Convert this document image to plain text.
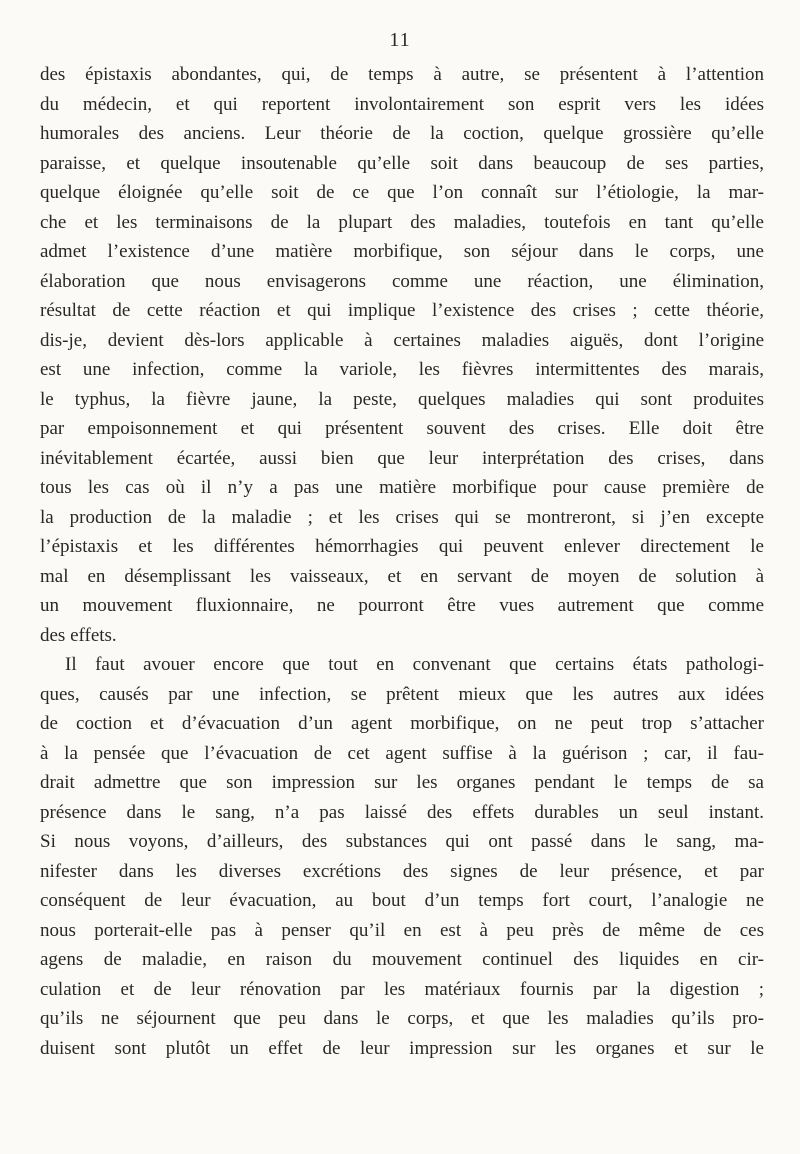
11
des épistaxis abondantes, qui, de temps à autre, se présentent à l’attention
du médecin, et qui reportent involontairement son esprit vers les idées
humorales des anciens. Leur théorie de la coction, quelque grossière qu’elle
paraisse, et quelque insoutenable qu’elle soit dans beaucoup de ses parties,
quelque éloignée qu’elle soit de ce que l’on connaît sur l’étiologie, la mar-
che et les terminaisons de la plupart des maladies, toutefois en tant qu’elle
admet l’existence d’une matière morbifique, son séjour dans le corps, une
élaboration que nous envisagerons comme une réaction, une élimination,
résultat de cette réaction et qui implique l’existence des crises ; cette théorie,
dis-je, devient dès-lors applicable à certaines maladies aiguës, dont l’origine
est une infection, comme la variole, les fièvres intermittentes des marais,
le typhus, la fièvre jaune, la peste, quelques maladies qui sont produites
par empoisonnement et qui présentent souvent des crises. Elle doit être
inévitablement écartée, aussi bien que leur interprétation des crises, dans
tous les cas où il n’y a pas une matière morbifique pour cause première de
la production de la maladie ; et les crises qui se montreront, si j’en excepte
l’épistaxis et les différentes hémorrhagies qui peuvent enlever directement le
mal en désemplissant les vaisseaux, et en servant de moyen de solution à
un mouvement fluxionnaire, ne pourront être vues autrement que comme
des effets.
Il faut avouer encore que tout en convenant que certains états pathologi-
ques, causés par une infection, se prêtent mieux que les autres aux idées
de coction et d’évacuation d’un agent morbifique, on ne peut trop s’attacher
à la pensée que l’évacuation de cet agent suffise à la guérison ; car, il fau-
drait admettre que son impression sur les organes pendant le temps de sa
présence dans le sang, n’a pas laissé des effets durables un seul instant.
Si nous voyons, d’ailleurs, des substances qui ont passé dans le sang, ma-
nifester dans les diverses excrétions des signes de leur présence, et par
conséquent de leur évacuation, au bout d’un temps fort court, l’analogie ne
nous porterait-elle pas à penser qu’il en est à peu près de même de ces
agens de maladie, en raison du mouvement continuel des liquides en cir-
culation et de leur rénovation par les matériaux fournis par la digestion ;
qu’ils ne séjournent que peu dans le corps, et que les maladies qu’ils pro-
duisent sont plutôt un effet de leur impression sur les organes et sur le
